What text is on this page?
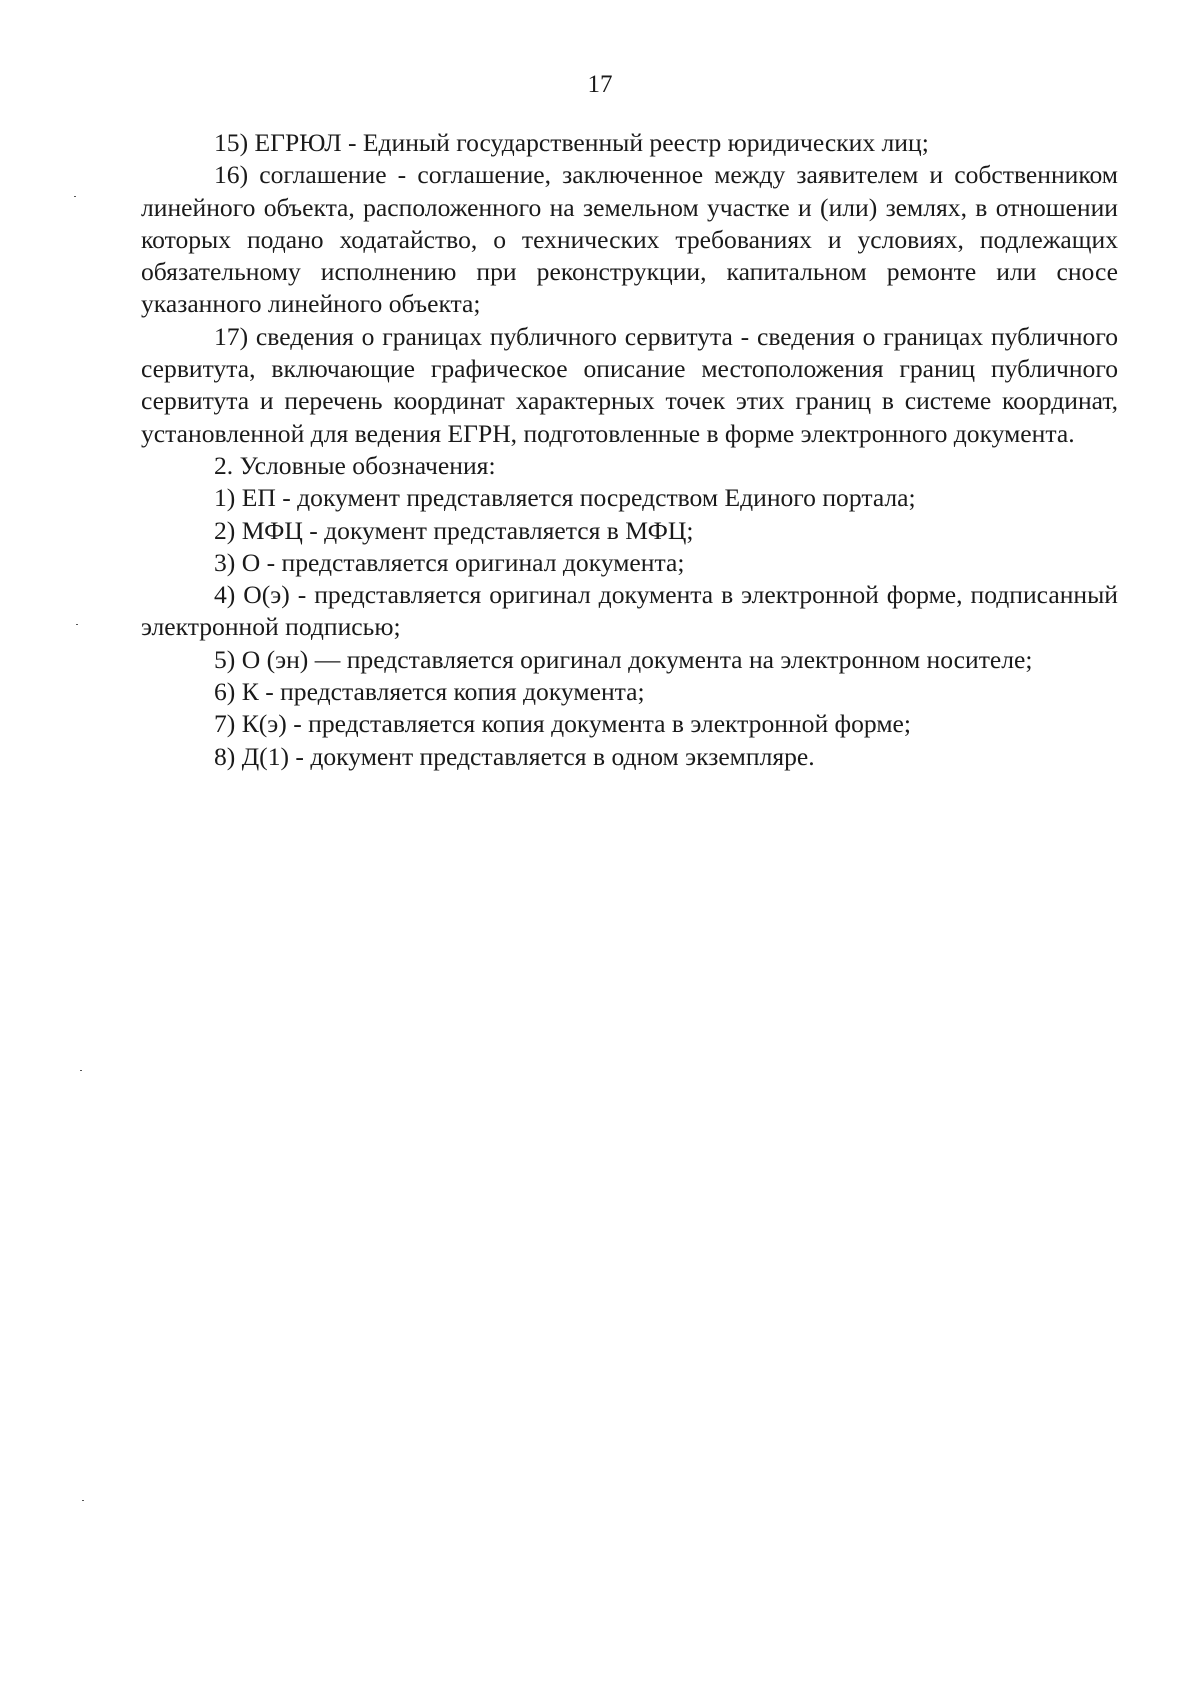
17

15) ЕГРЮЛ - Единый государственный реестр юридических лиц;

16) соглашение - соглашение, заключенное между заявителем и собственником линейного объекта, расположенного на земельном участке и (или) землях, в отношении которых подано ходатайство, о технических требованиях и условиях, подлежащих обязательному исполнению при реконструкции, капитальном ремонте или сносе указанного линейного объекта;

17) сведения о границах публичного сервитута - сведения о границах публичного сервитута, включающие графическое описание местоположения границ публичного сервитута и перечень координат характерных точек этих границ в системе координат, установленной для ведения ЕГРН, подготовленные в форме электронного документа.

2. Условные обозначения:

1) ЕП - документ представляется посредством Единого портала;

2) МФЦ - документ представляется в МФЦ;

3) О - представляется оригинал документа;

4) О(э) - представляется оригинал документа в электронной форме, подписанный электронной подписью;

5) О (эн) — представляется оригинал документа на электронном носителе;

6) К - представляется копия документа;

7) К(э) - представляется копия документа в электронной форме;

8) Д(1) - документ представляется в одном экземпляре.
